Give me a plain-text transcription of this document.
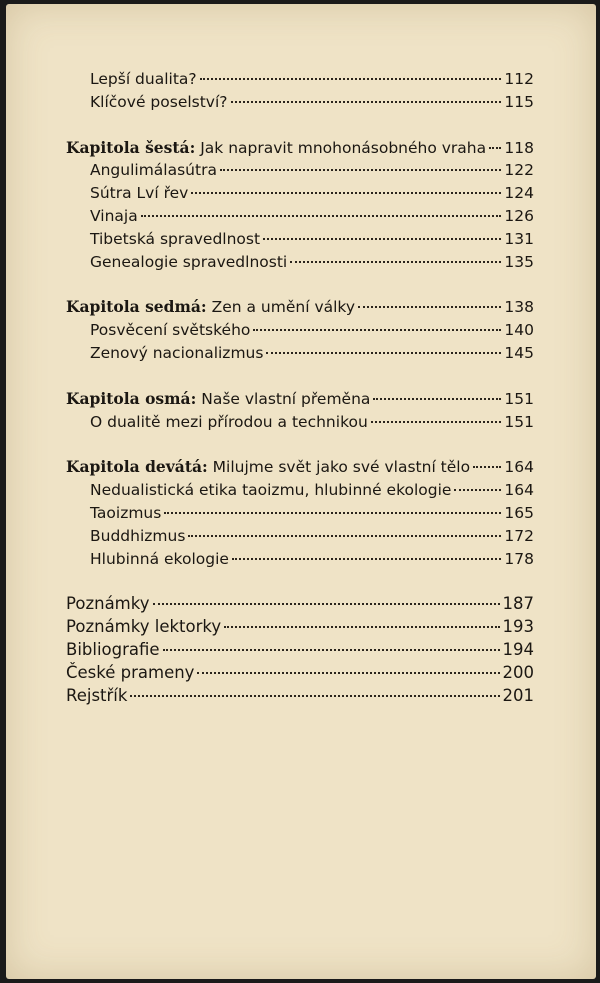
Lepší dualita?	112
Klíčové poselství?	115
Kapitola šestá: Jak napravit mnohonásobného vraha 118
Angulimálasútra	122
Sútra Lví řev	124
Vinaja	126
Tibetská spravedlnost	131
Genealogie spravedlnosti	135
Kapitola sedmá: Zen a umění války	138
Posvěcení světského	140
Zenový nacionalizmus	145
Kapitola osmá: Naše vlastní přeměna	151
O dualitě mezi přírodou a technikou	151
Kapitola devátá: Milujme svět jako své vlastní tělo 164
Nedualistická etika taoizmu, hlubinné ekologie	164
Taoizmus	165
Buddhizmus	172
Hlubinná ekologie	178
Poznámky	187
Poznámky lektorky	193
Bibliografie	194
České prameny	200
Rejstřík	201
